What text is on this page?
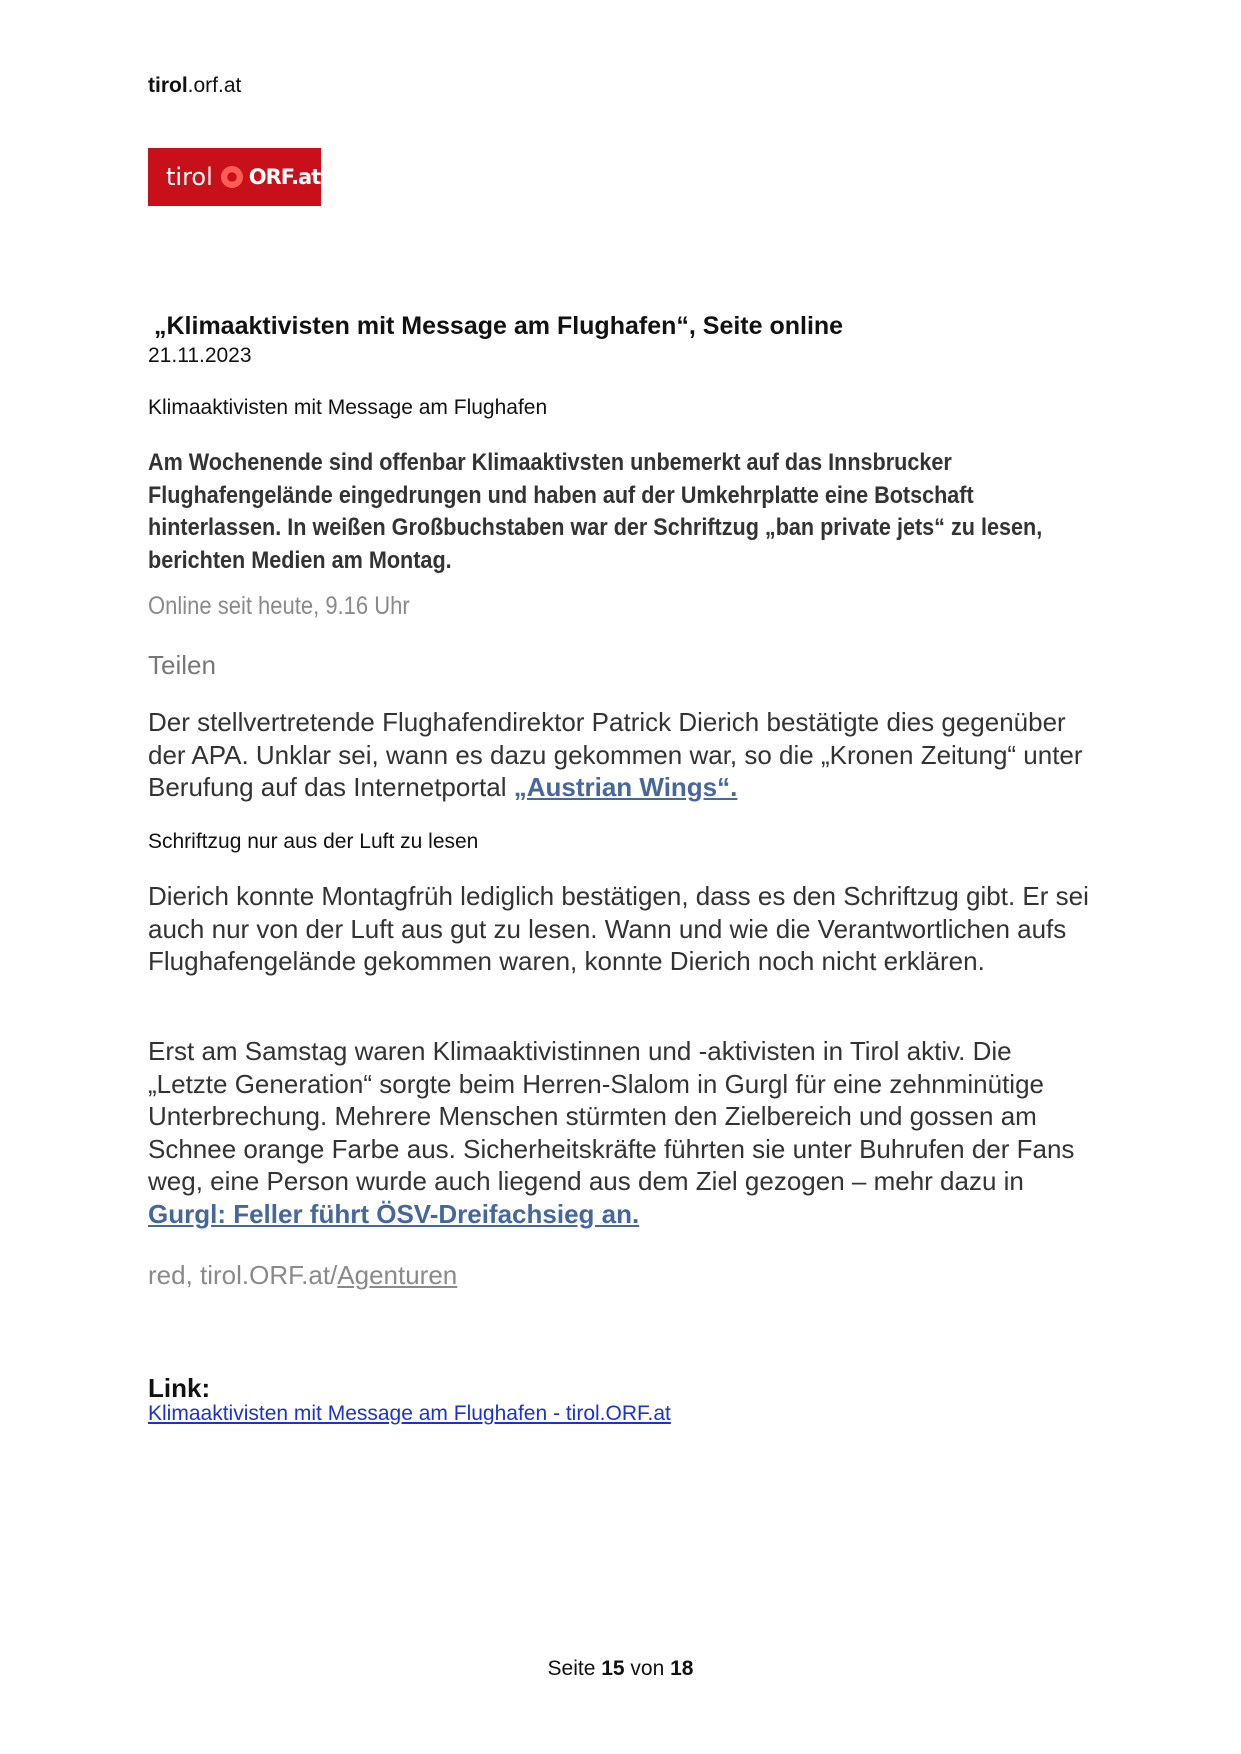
tirol.orf.at
tirol ORF.at
„Klimaaktivisten mit Message am Flughafen“, Seite online
21.11.2023
Klimaaktivisten mit Message am Flughafen
Am Wochenende sind offenbar Klimaaktivsten unbemerkt auf das Innsbrucker Flughafengelände eingedrungen und haben auf der Umkehrplatte eine Botschaft hinterlassen. In weißen Großbuchstaben war der Schriftzug „ban private jets“ zu lesen, berichten Medien am Montag.
Online seit heute, 9.16 Uhr
Teilen
Der stellvertretende Flughafendirektor Patrick Dierich bestätigte dies gegenüber der APA. Unklar sei, wann es dazu gekommen war, so die „Kronen Zeitung“ unter Berufung auf das Internetportal „Austrian Wings“.
Schriftzug nur aus der Luft zu lesen
Dierich konnte Montagfrüh lediglich bestätigen, dass es den Schriftzug gibt. Er sei auch nur von der Luft aus gut zu lesen. Wann und wie die Verantwortlichen aufs Flughafengelände gekommen waren, konnte Dierich noch nicht erklären.
Erst am Samstag waren Klimaaktivistinnen und -aktivisten in Tirol aktiv. Die „Letzte Generation“ sorgte beim Herren-Slalom in Gurgl für eine zehnminütige Unterbrechung. Mehrere Menschen stürmten den Zielbereich und gossen am Schnee orange Farbe aus. Sicherheitskräfte führten sie unter Buhrufen der Fans weg, eine Person wurde auch liegend aus dem Ziel gezogen – mehr dazu in Gurgl: Feller führt ÖSV-Dreifachsieg an.
red, tirol.ORF.at/Agenturen
Link:
Klimaaktivisten mit Message am Flughafen - tirol.ORF.at
Seite 15 von 18
